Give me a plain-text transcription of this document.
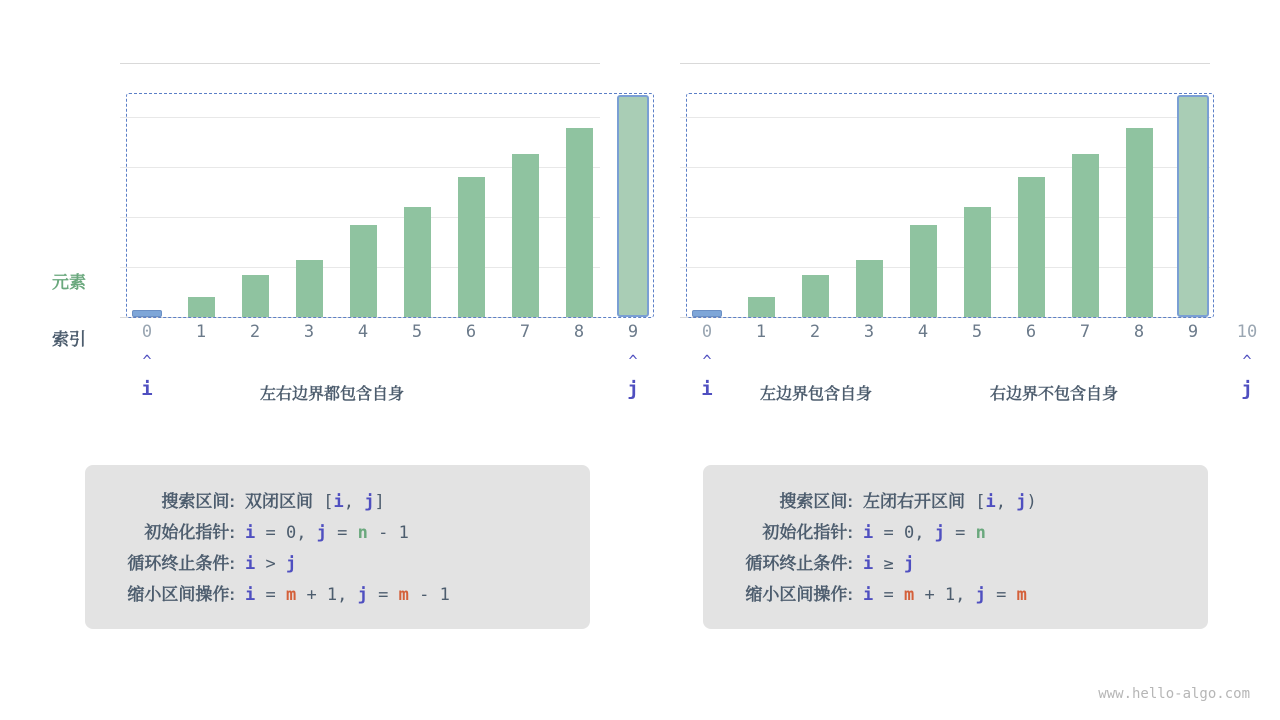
元素
索引	0	1	2	3	4	5	6	7	8	9
^	^
i	j
左右边界都包含自身
搜索区间: 双闭区间 [i, j]
初始化指针: i = 0, j = n - 1
循环终止条件: i > j
缩小区间操作: i = m + 1, j = m - 1
0	1	2	3	4	5	6	7	8	9	10
^	^
i	j
左边界包含自身	右边界不包含自身
搜索区间: 左闭右开区间 [i, j)
初始化指针: i = 0, j = n
循环终止条件: i ≥ j
缩小区间操作: i = m + 1, j = m
www.hello-algo.com
